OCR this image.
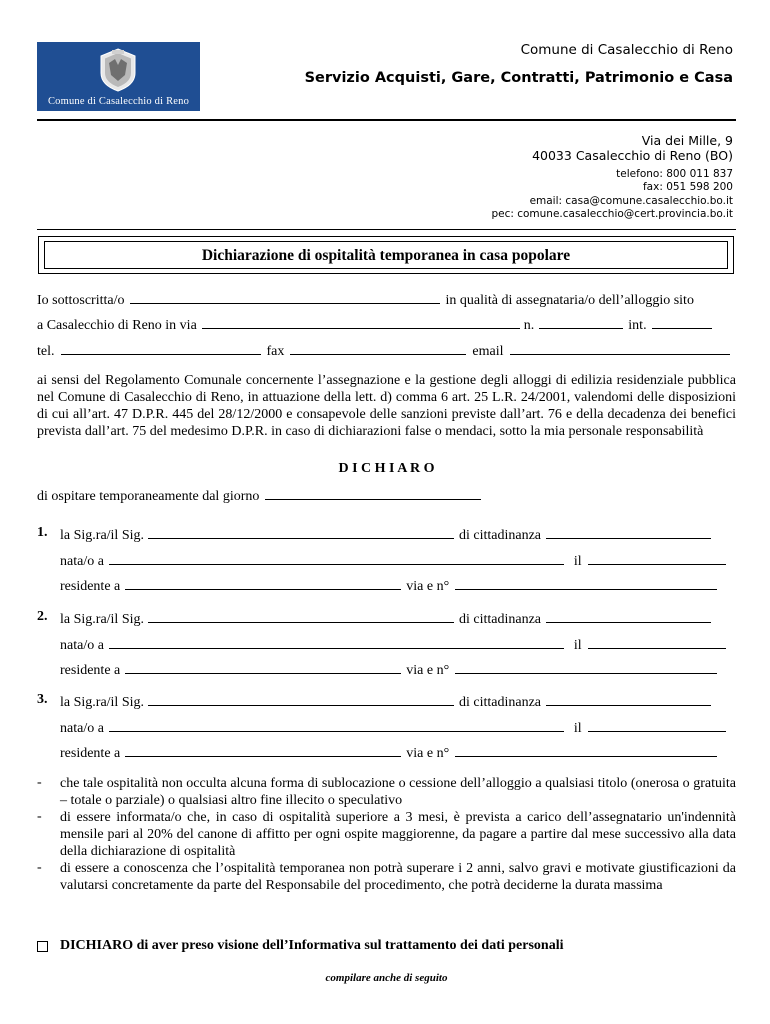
Comune di Casalecchio di Reno
Comune di Casalecchio di Reno
Servizio Acquisti, Gare, Contratti, Patrimonio e Casa
Via dei Mille, 9
40033 Casalecchio di Reno (BO)
telefono: 800 011 837
fax: 051 598 200
email: casa@comune.casalecchio.bo.it
pec: comune.casalecchio@cert.provincia.bo.it
Dichiarazione di ospitalità temporanea in casa popolare
Io sottoscritta/o	in qualità di assegnataria/o dell’alloggio sito
a Casalecchio di Reno in via	n.	int.
tel.	fax	email
ai sensi del Regolamento Comunale concernente l’assegnazione e la gestione degli alloggi di edilizia residenziale pubblica nel Comune di Casalecchio di Reno, in attuazione della lett. d) comma 6 art. 25 L.R. 24/2001, valendomi delle disposizioni di cui all’art. 47 D.P.R. 445 del 28/12/2000 e consapevole delle sanzioni previste dall’art. 76 e della decadenza dei benefici prevista dall’art. 75 del medesimo D.P.R. in caso di dichiarazioni false o mendaci, sotto la mia personale responsabilità
D I C H I A R O
di ospitare temporaneamente dal giorno
1. la Sig.ra/il Sig.	di cittadinanza
nata/o a	il
residente a	via e n°
2. la Sig.ra/il Sig.	di cittadinanza
nata/o a	il
residente a	via e n°
3. la Sig.ra/il Sig.	di cittadinanza
nata/o a	il
residente a	via e n°
- che tale ospitalità non occulta alcuna forma di sublocazione o cessione dell’alloggio a qualsiasi titolo (onerosa o gratuita – totale o parziale) o qualsiasi altro fine illecito o speculativo
- di essere informata/o che, in caso di ospitalità superiore a 3 mesi, è prevista a carico dell’assegnatario un'indennità mensile pari al 20% del canone di affitto per ogni ospite maggiorenne, da pagare a partire dal mese successivo alla data della dichiarazione di ospitalità
- di essere a conoscenza che l’ospitalità temporanea non potrà superare i 2 anni, salvo gravi e motivate giustificazioni da valutarsi concretamente da parte del Responsabile del procedimento, che potrà deciderne la durata massima
DICHIARO di aver preso visione dell’Informativa sul trattamento dei dati personali
compilare anche di seguito
